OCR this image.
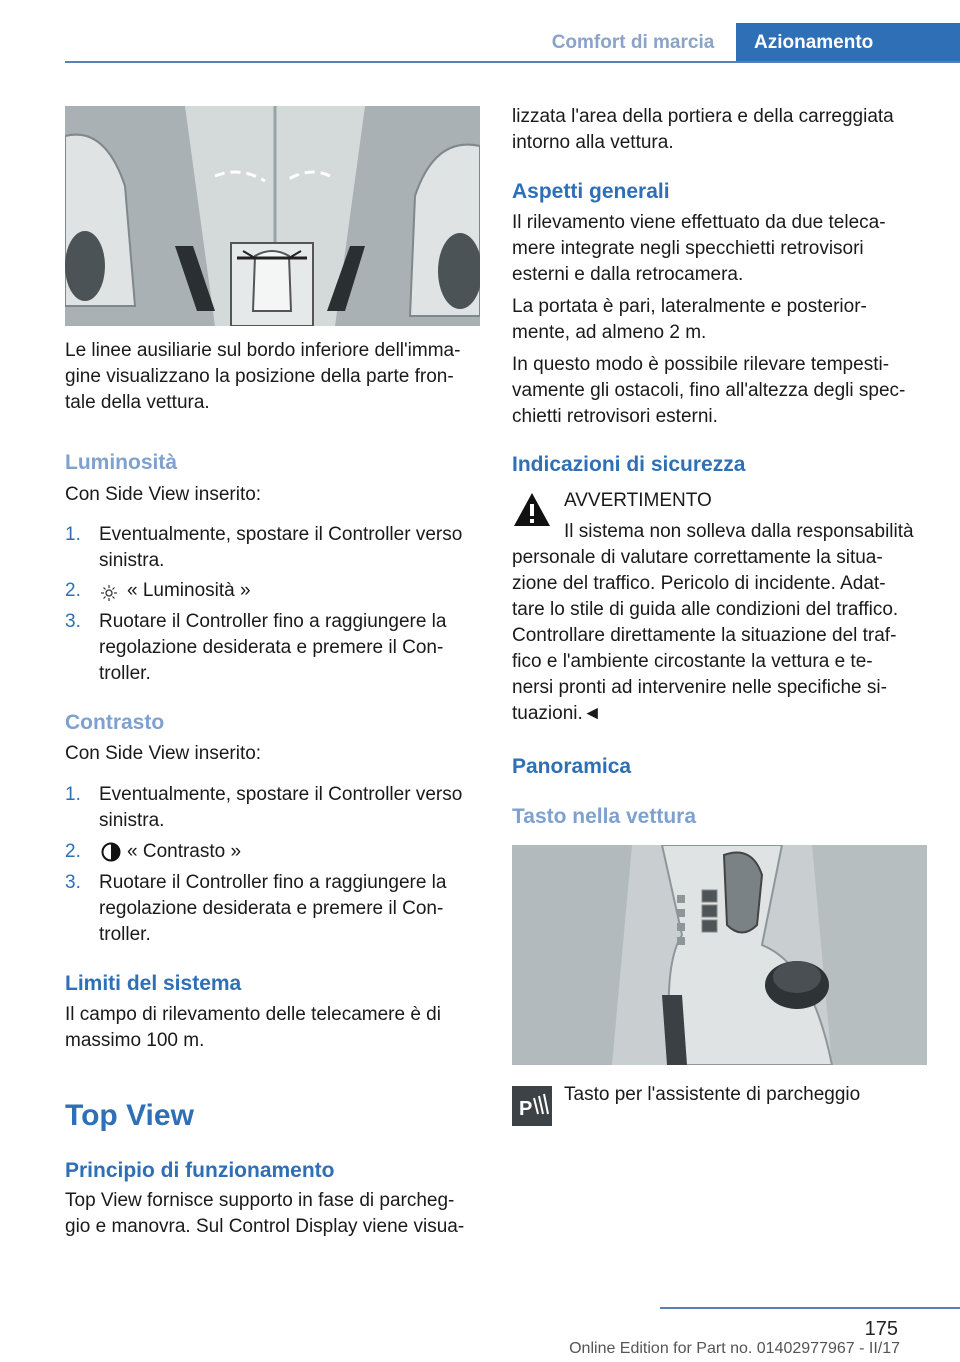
Comfort di marcia	Azionamento

Le linee ausiliarie sul bordo inferiore dell'imma-

gine visualizzano la posizione della parte fron-

tale della vettura.

Luminosità
Con Side View inserito:
1. Eventualmente, spostare il Controller verso

sinistra.

2. « Luminosità »
3. Ruotare il Controller fino a raggiungere la

regolazione desiderata e premere il Con-

troller.

Contrasto
Con Side View inserito:
1. Eventualmente, spostare il Controller verso

sinistra.

2. « Contrasto »
3. Ruotare il Controller fino a raggiungere la

regolazione desiderata e premere il Con-

troller.

Limiti del sistema

Il campo di rilevamento delle telecamere è di

massimo 100 m.

Top View
Principio di funzionamento

Top View fornisce supporto in fase di parcheg-

gio e manovra. Sul Control Display viene visua-

lizzata l'area della portiera e della carreggiata

intorno alla vettura.

Aspetti generali

Il rilevamento viene effettuato da due teleca-

mere integrate negli specchietti retrovisori

esterni e dalla retrocamera.

La portata è pari, lateralmente e posterior-

mente, ad almeno 2 m.

In questo modo è possibile rilevare tempesti-

vamente gli ostacoli, fino all'altezza degli spec-

chietti retrovisori esterni.

Indicazioni di sicurezza
AVVERTIMENTO
Il sistema non solleva dalla responsabilità

personale di valutare correttamente la situa-

zione del traffico. Pericolo di incidente. Adat-

tare lo stile di guida alle condizioni del traffico.

Controllare direttamente la situazione del traf-

fico e l'ambiente circostante la vettura e te-

nersi pronti ad intervenire nelle specifiche si-

tuazioni.◄

Panoramica
Tasto nella vettura
P
Tasto per l'assistente di parcheggio
175
Online Edition for Part no. 01402977967 - II/17
